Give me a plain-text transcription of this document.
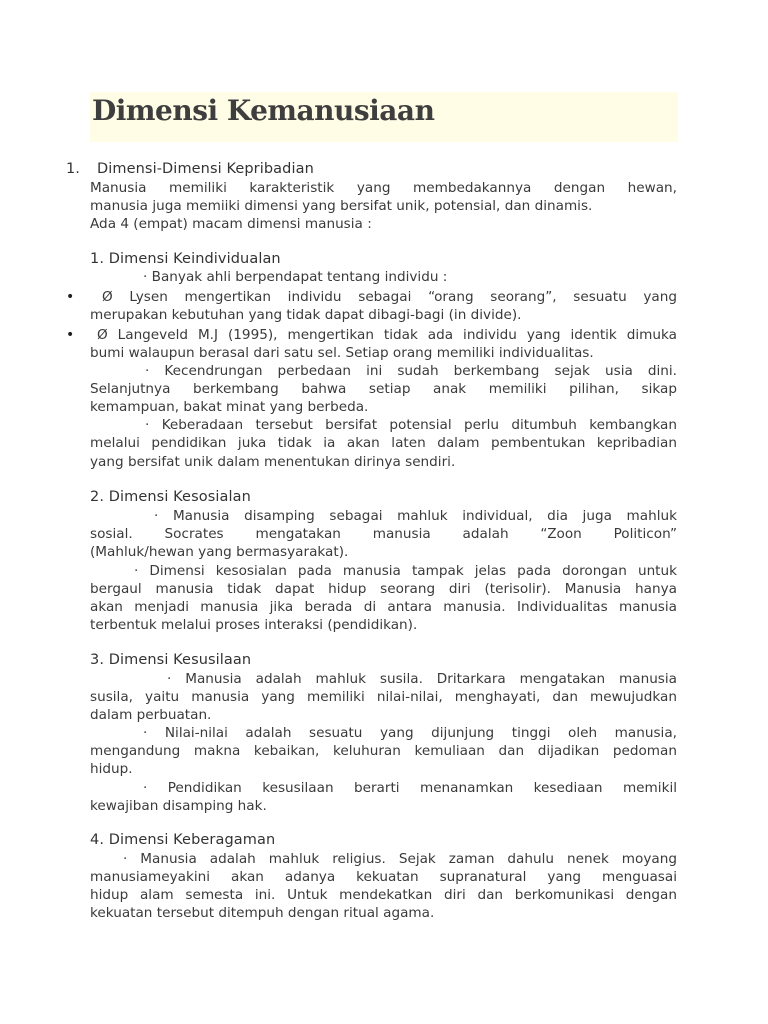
Dimensi Kemanusiaan
1. Dimensi-Dimensi Kepribadian

Manusia memiliki karakteristik yang membedakannya dengan hewan,

manusia juga memiiki dimensi yang bersifat unik, potensial, dan dinamis.

Ada 4 (empat) macam dimensi manusia :

1. Dimensi Keindividualan

· Banyak ahli berpendapat tentang individu :

• Ø Lysen mengertikan individu sebagai “orang seorang”, sesuatu yang

merupakan kebutuhan yang tidak dapat dibagi-bagi (in divide).

• Ø Langeveld M.J (1995), mengertikan tidak ada individu yang identik dimuka

bumi walaupun berasal dari satu sel. Setiap orang memiliki individualitas.

· Kecendrungan perbedaan ini sudah berkembang sejak usia dini.

Selanjutnya berkembang bahwa setiap anak memiliki pilihan, sikap

kemampuan, bakat minat yang berbeda.

· Keberadaan tersebut bersifat potensial perlu ditumbuh kembangkan

melalui pendidikan juka tidak ia akan laten dalam pembentukan kepribadian

yang bersifat unik dalam menentukan dirinya sendiri.

2. Dimensi Kesosialan

· Manusia disamping sebagai mahluk individual, dia juga mahluk

sosial. Socrates mengatakan manusia adalah “Zoon Politicon”

(Mahluk/hewan yang bermasyarakat).

· Dimensi kesosialan pada manusia tampak jelas pada dorongan untuk

bergaul manusia tidak dapat hidup seorang diri (terisolir). Manusia hanya

akan menjadi manusia jika berada di antara manusia. Individualitas manusia

terbentuk melalui proses interaksi (pendidikan).

3. Dimensi Kesusilaan

· Manusia adalah mahluk susila. Dritarkara mengatakan manusia

susila, yaitu manusia yang memiliki nilai-nilai, menghayati, dan mewujudkan

dalam perbuatan.

· Nilai-nilai adalah sesuatu yang dijunjung tinggi oleh manusia,

mengandung makna kebaikan, keluhuran kemuliaan dan dijadikan pedoman

hidup.

· Pendidikan kesusilaan berarti menanamkan kesediaan memikil

kewajiban disamping hak.

4. Dimensi Keberagaman

· Manusia adalah mahluk religius. Sejak zaman dahulu nenek moyang

manusiameyakini akan adanya kekuatan supranatural yang menguasai

hidup alam semesta ini. Untuk mendekatkan diri dan berkomunikasi dengan

kekuatan tersebut ditempuh dengan ritual agama.
